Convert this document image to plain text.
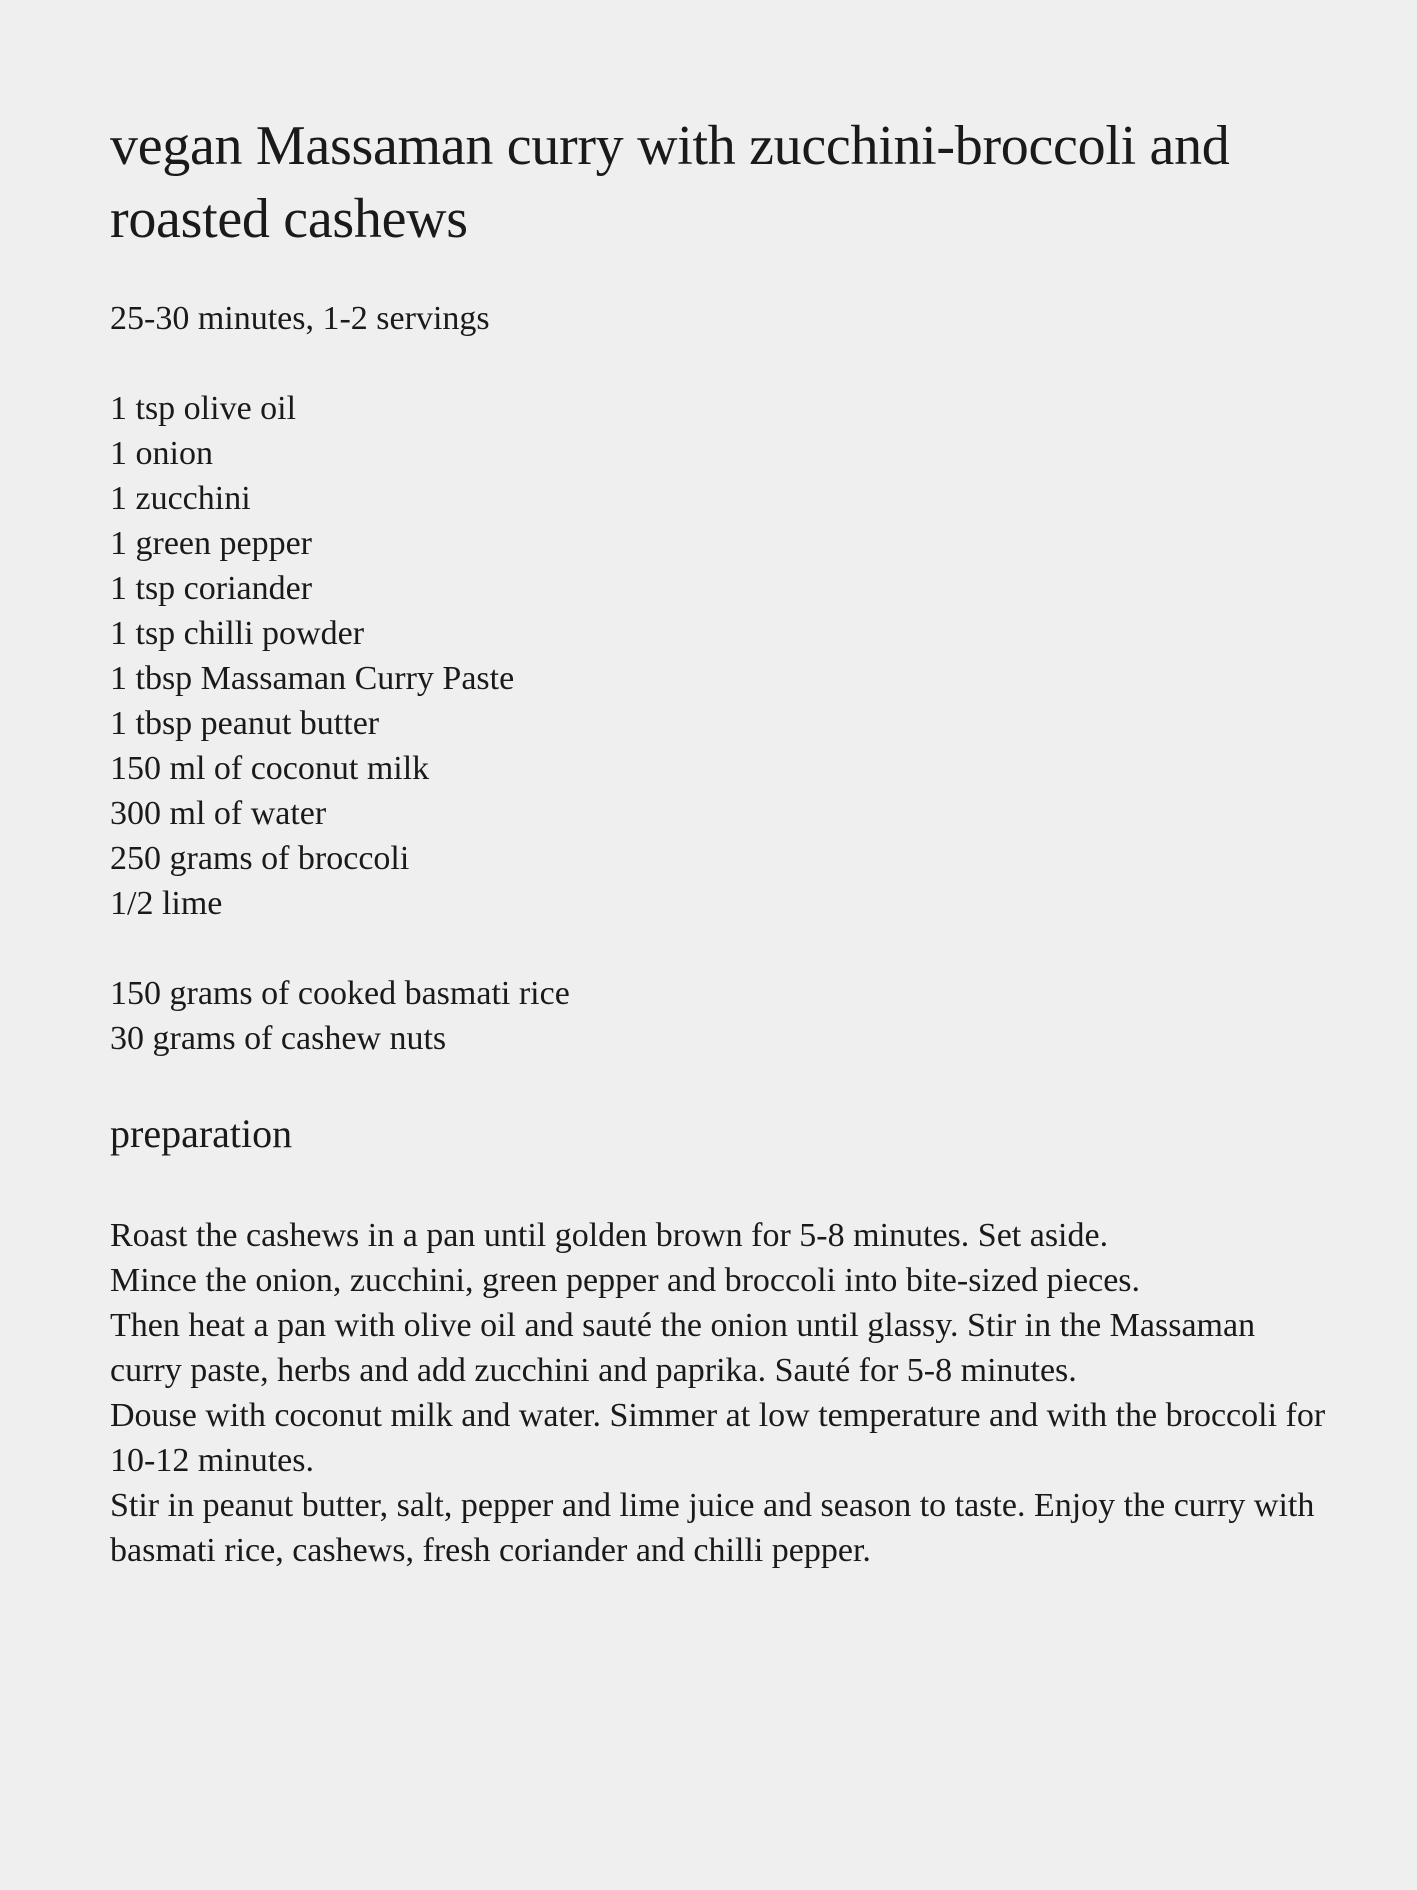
vegan Massaman curry with zucchini-broccoli and roasted cashews
25-30 minutes, 1-2 servings
1 tsp olive oil
1 onion
1 zucchini
1 green pepper
1 tsp coriander
1 tsp chilli powder
1 tbsp Massaman Curry Paste
1 tbsp peanut butter
150 ml of coconut milk
300 ml of water
250 grams of broccoli
1/2 lime
150 grams of cooked basmati rice
30 grams of cashew nuts
preparation

Roast the cashews in a pan until golden brown for 5-8 minutes. Set aside.

Mince the onion, zucchini, green pepper and broccoli into bite-sized pieces.

Then heat a pan with olive oil and sauté the onion until glassy. Stir in the Massaman curry paste, herbs and add zucchini and paprika. Sauté for 5-8 minutes.

Douse with coconut milk and water. Simmer at low temperature and with the broccoli for 10-12 minutes.

Stir in peanut butter, salt, pepper and lime juice and season to taste. Enjoy the curry with basmati rice, cashews, fresh coriander and chilli pepper.
